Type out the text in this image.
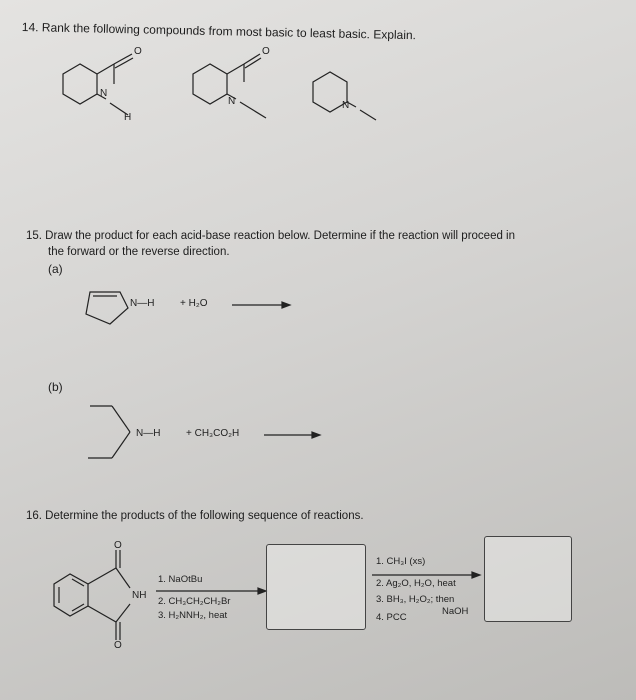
14. Rank the following compounds from most basic to least basic. Explain.
O
N
H
O
N	N
15. Draw the product for each acid-base reaction below. Determine if the reaction will proceed in
the forward or the reverse direction.
(a)
N—H	+ H₂O
(b)
N—H	+ CH₃CO₂H
16. Determine the products of the following sequence of reactions.
O
O
NH
1. NaOtBu
2. CH₃CH₂CH₂Br
3. H₂NNH₂, heat
1. CH₃I (xs)
2. Ag₂O, H₂O, heat
3. BH₃, H₂O₂; then
NaOH
4. PCC
